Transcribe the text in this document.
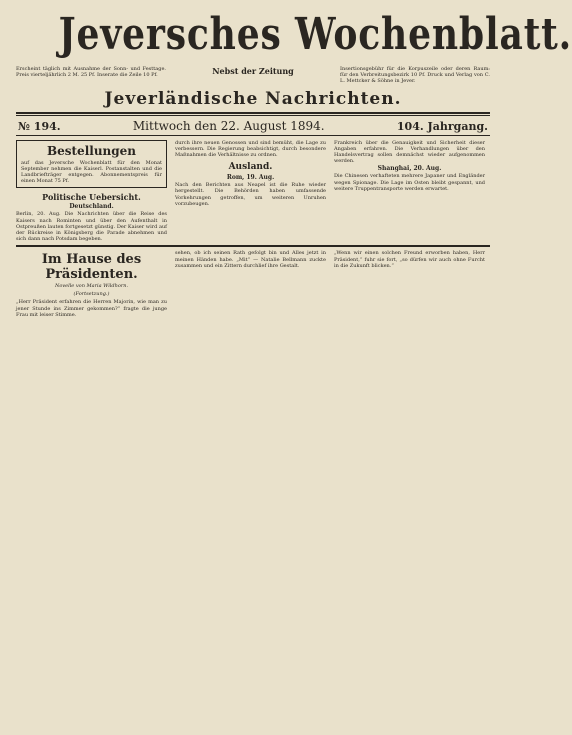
Jeversches Wochenblatt.
Erscheint täglich mit Ausnahme der Sonn- und Festtage. Preis vierteljährlich 2 M. 25 Pf. Inserate die Zeile 10 Pf.	Nebst der Zeitung	Insertionsgebühr für die Korpuszeile oder deren Raum: für den Verbreitungsbezirk 10 Pf. Druck und Verlag von C. L. Mettcker & Söhne in Jever.
Jeverländische Nachrichten.
№ 194.	Mittwoch den 22. August 1894.	104. Jahrgang.
Bestellungen

auf das Jeversche Wochenblatt für den Monat September nehmen die Kaiserl. Postanstalten und die Landbriefträger entgegen. Abonnementspreis für einen Monat 75 Pf.

Politische Uebersicht.
Deutschland.

Berlin, 20. Aug. Die Nachrichten über die Reise des Kaisers nach Rominten und über den Aufenthalt in Ostpreußen lauten fortgesetzt günstig. Der Kaiser wird auf der Rückreise in Königsberg die Parade abnehmen und sich dann nach Potsdam begeben.

durch ihre neuen Genossen und sind bemüht, die Lage zu verbessern. Die Regierung beabsichtigt, durch besondere Maßnahmen die Verhältnisse zu ordnen.

Ausland.
Rom, 19. Aug.

Nach den Berichten aus Neapel ist die Ruhe wieder hergestellt. Die Behörden haben umfassende Vorkehrungen getroffen, um weiteren Unruhen vorzubeugen.

Frankreich über die Genauigkeit und Sicherheit dieser Angaben erfahren. Die Verhandlungen über den Handelsvertrag sollen demnächst wieder aufgenommen werden.

Shanghai, 20. Aug.

Die Chinesen verhafteten mehrere Japaner und Engländer wegen Spionage. Die Lage im Osten bleibt gespannt, und weitere Truppentransporte werden erwartet.

Im Hause des Präsidenten.
Novelle von Maria Wildhorn.
(Fortsetzung.)

„Herr Präsident erfahren die Herren Majorin, wie man zu jener Stunde ins Zimmer gekommen?“ fragte die junge Frau mit leiser Stimme.

sehen, ob ich seinen Rath gefolgt bin und Alles jetzt in meinen Händen habe. „Mit“ — Natalie Bellmann zuckte zusammen und ein Zittern durchlief ihre Gestalt.

„Wenn wir einen solchen Freund erworben haben, Herr Präsident,“ fuhr sie fort, „so dürfen wir auch ohne Furcht in die Zukunft blicken.“
